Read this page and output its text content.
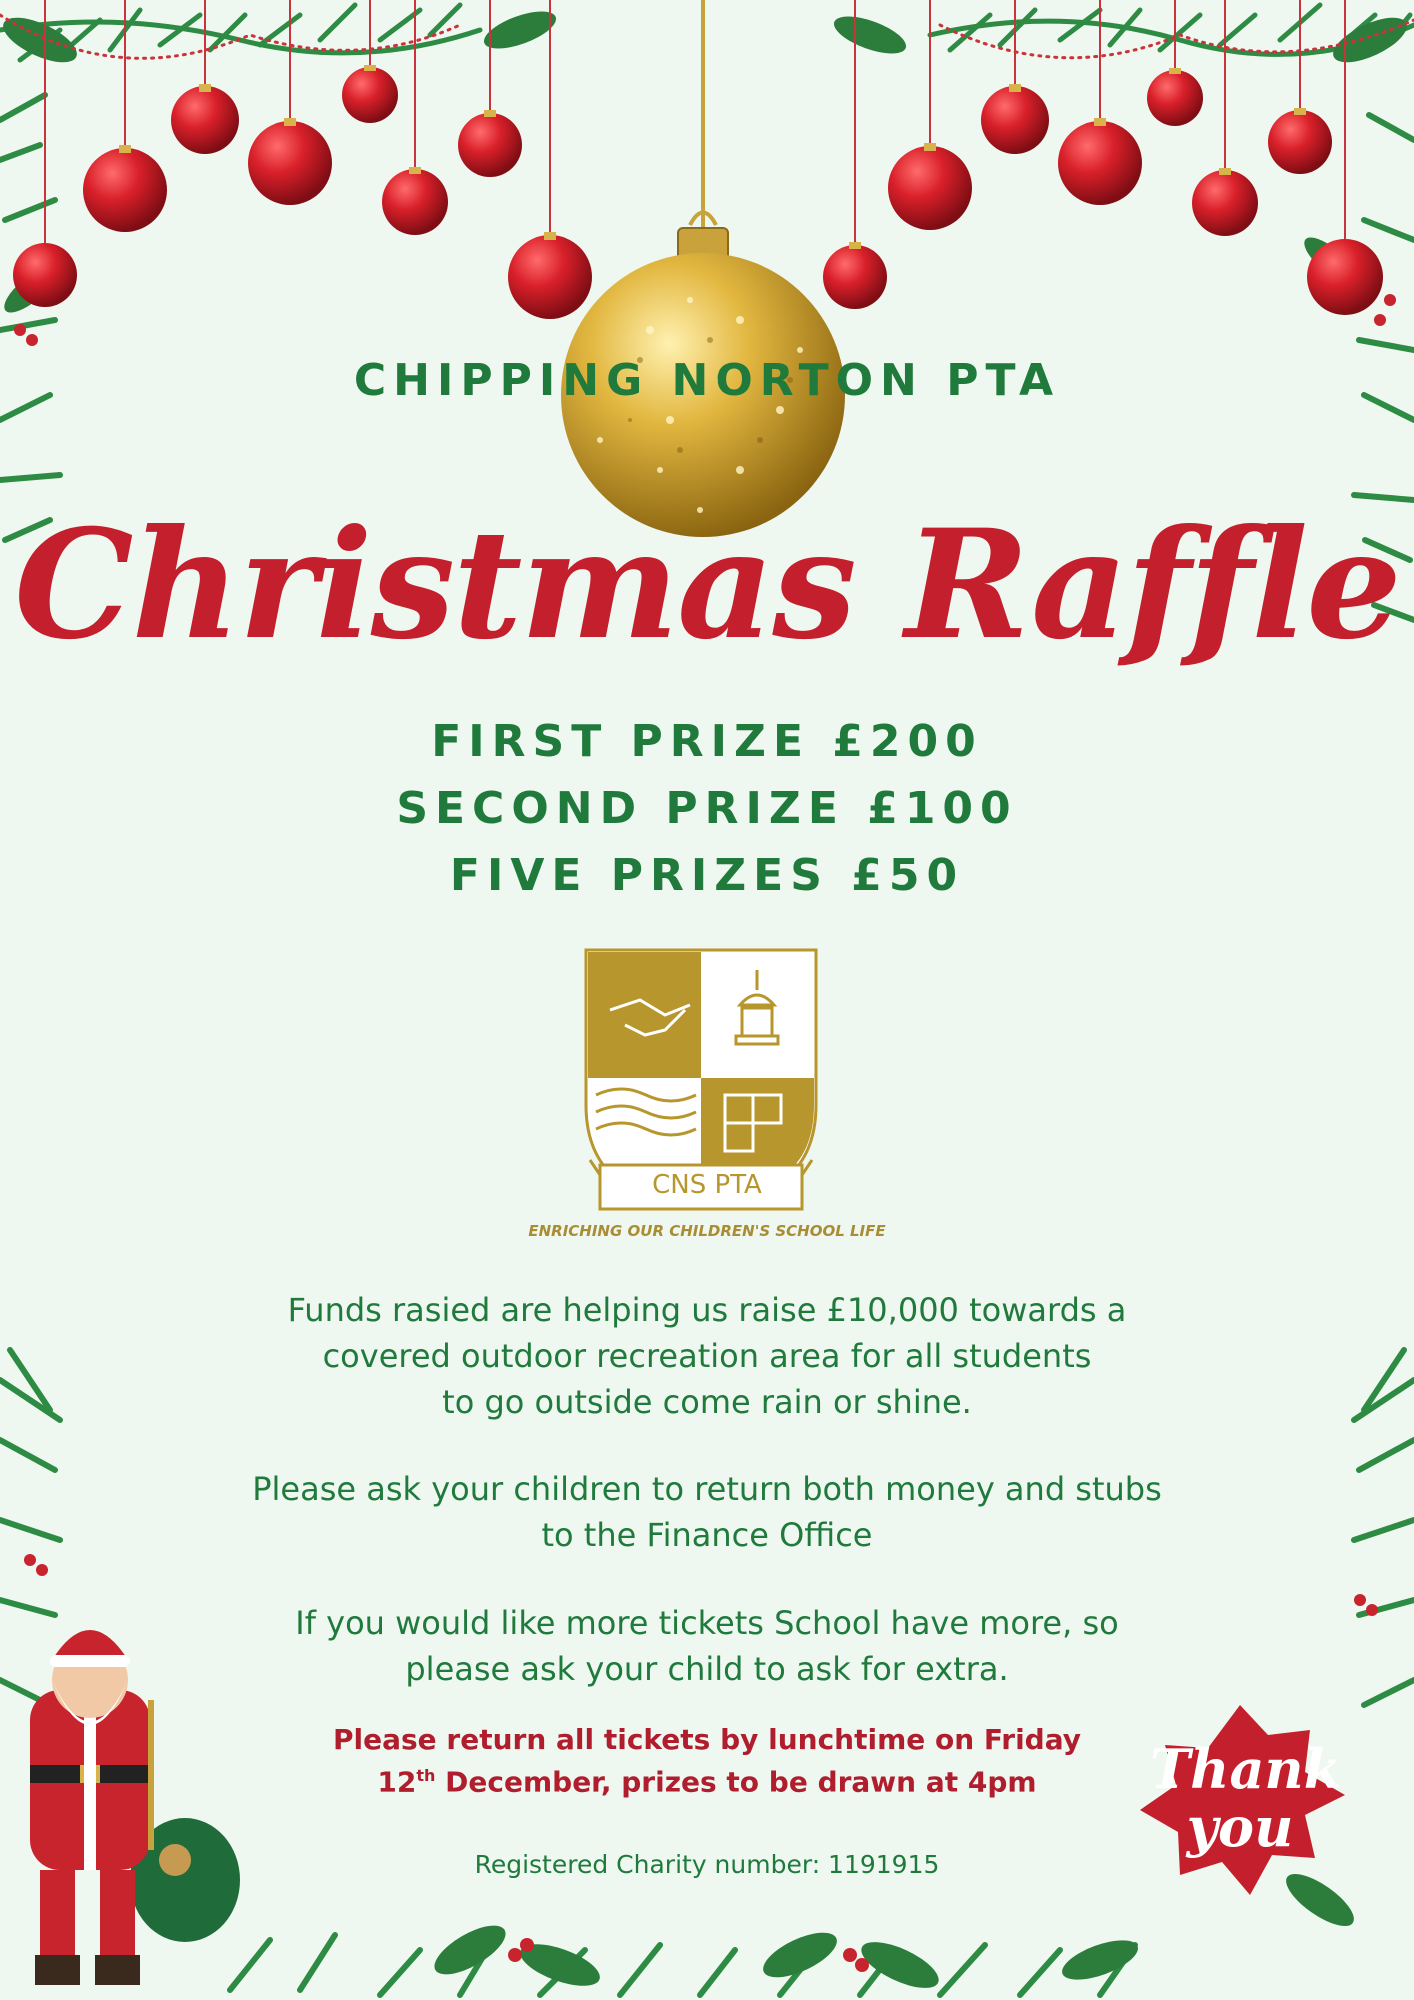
CHIPPING NORTON PTA

Christmas Raffle
FIRST PRIZE £200
SECOND PRIZE £100
FIVE PRIZES £50
CNS PTA
ENRICHING OUR CHILDREN'S SCHOOL LIFE
Funds rasied are helping us raise £10,000 towards a
covered outdoor recreation area for all students
to go outside come rain or shine.
Please ask your children to return both money and stubs
to the Finance Office
If you would like more tickets School have more, so
please ask your child to ask for extra.
Please return all tickets by lunchtime on Friday
12th December, prizes to be drawn at 4pm
Registered Charity number: 1191915
Thank
you
